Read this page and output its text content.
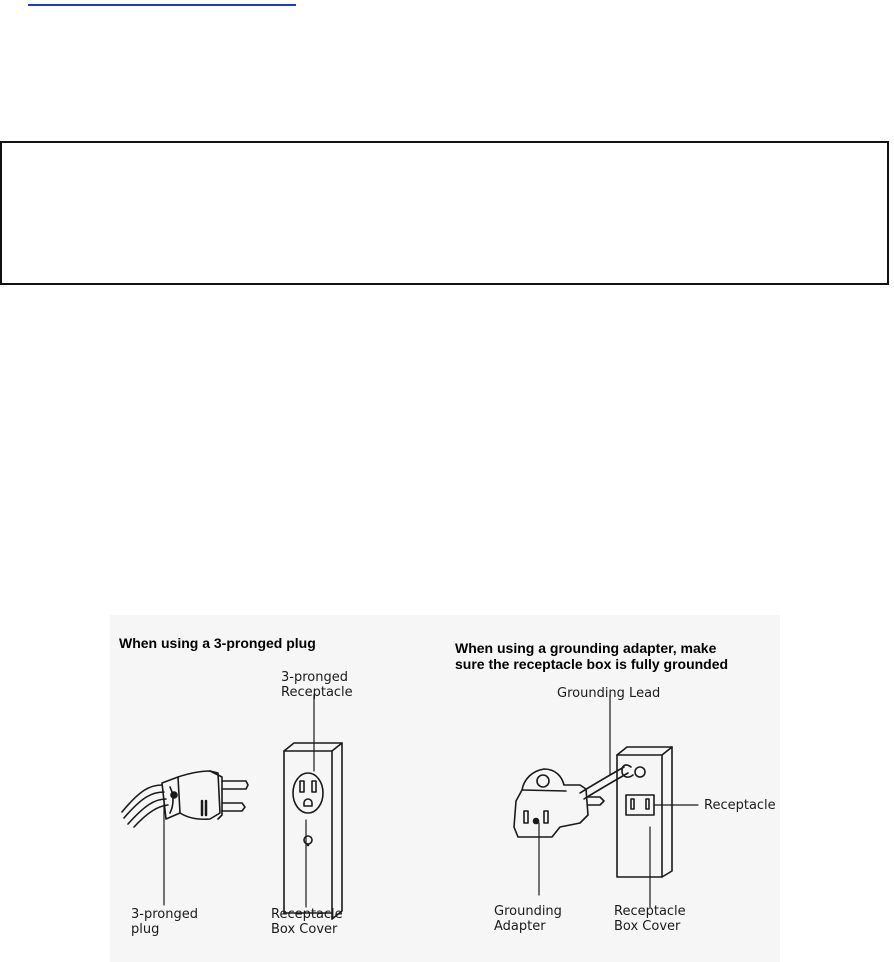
When using a 3-pronged plug
3-pronged
Receptacle
3-pronged
plug
Receptacle
Box Cover
When using a grounding adapter, make
sure the receptacle box is fully grounded
Grounding Lead
Receptacle
Grounding
Adapter
Receptacle
Box Cover
